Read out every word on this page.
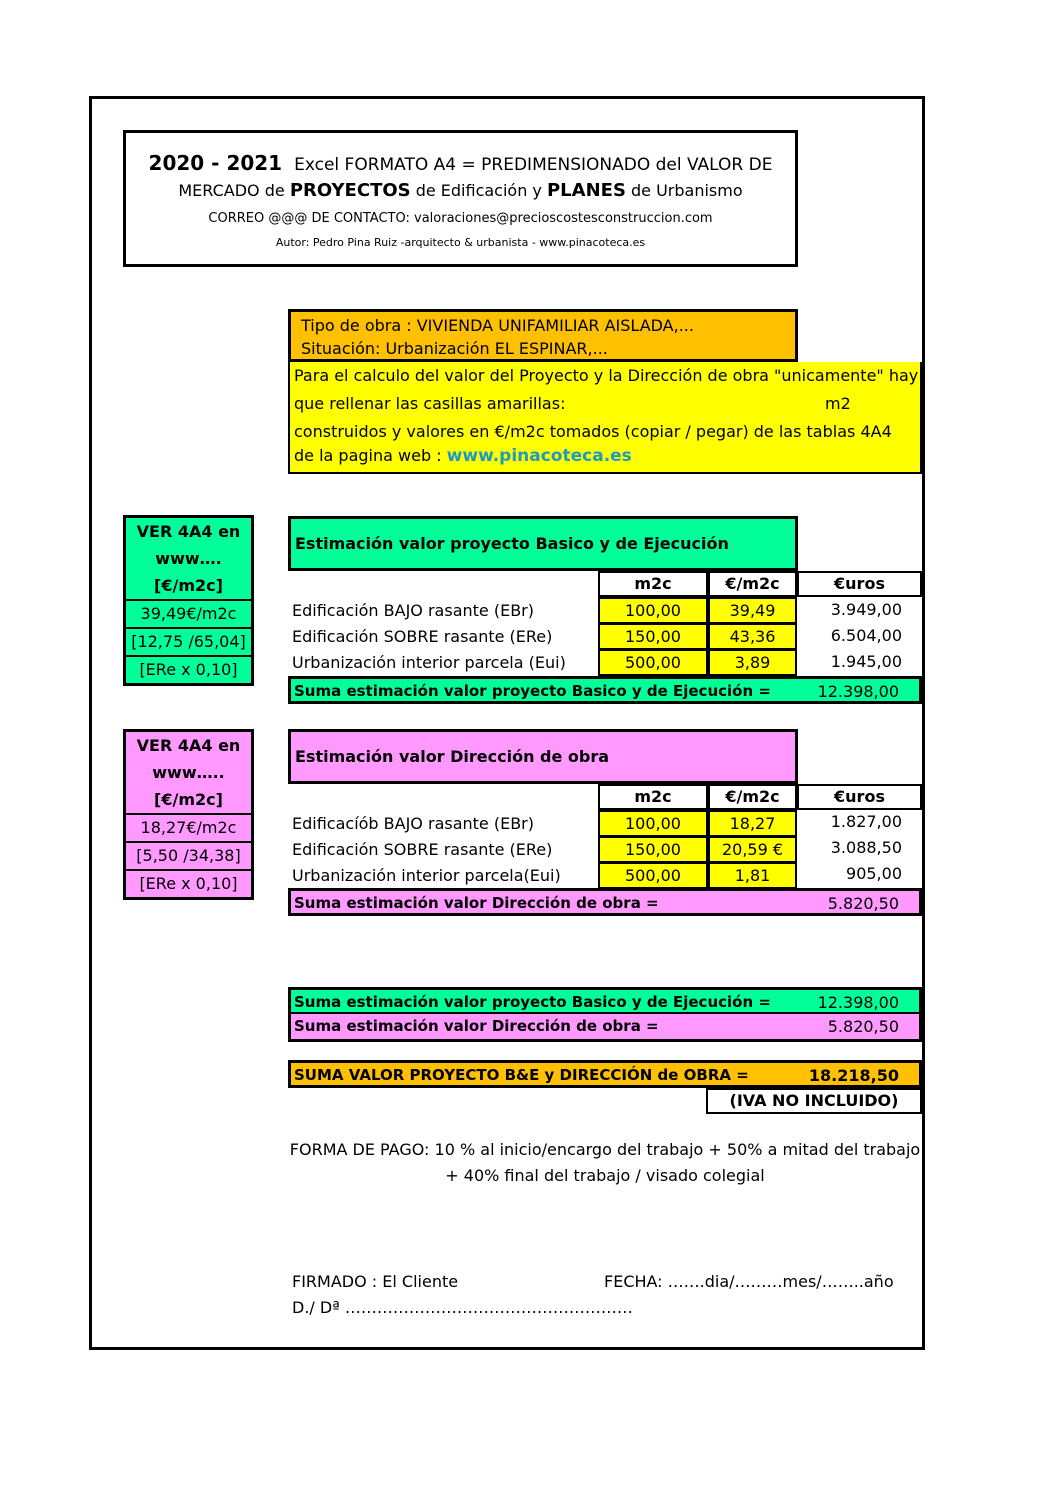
2020 - 2021 Excel FORMATO A4 = PREDIMENSIONADO del VALOR DE
MERCADO de PROYECTOS de Edificación y PLANES de Urbanismo
CORREO @@@ DE CONTACTO: valoraciones@precioscostesconstruccion.com
Autor: Pedro Pina Ruiz -arquitecto & urbanista - www.pinacoteca.es
Tipo de obra : VIVIENDA UNIFAMILIAR AISLADA,...
Situación: Urbanización EL ESPINAR,...
Para el calculo del valor del Proyecto y la Dirección de obra "unicamente" hay
que rellenar las casillas amarillas:	m2
construidos y valores en €/m2c tomados (copiar / pegar) de las tablas 4A4
de la pagina web : www.pinacoteca.es
VER 4A4 en
www….
[€/m2c]
39,49€/m2c
[12,75 /65,04]
[ERe x 0,10]
Estimación valor proyecto Basico y de Ejecución
m2c	€/m2c	€uros
Edificación BAJO rasante (EBr)	100,00	39,49	3.949,00
Edificación SOBRE rasante (ERe)	150,00	43,36	6.504,00
Urbanización interior parcela (Eui)	500,00	3,89	1.945,00
Suma estimación valor proyecto Basico y de Ejecución =	12.398,00
VER 4A4 en
www…..
[€/m2c]
18,27€/m2c
[5,50 /34,38]
[ERe x 0,10]
Estimación valor Dirección de obra
m2c	€/m2c	€uros
Edificacíób BAJO rasante (EBr)	100,00	18,27	1.827,00
Edificación SOBRE rasante (ERe)	150,00	20,59 €	3.088,50
Urbanización interior parcela(Eui)	500,00	1,81	905,00
Suma estimación valor Dirección de obra =	5.820,50
Suma estimación valor proyecto Basico y de Ejecución =	12.398,00
Suma estimación valor Dirección de obra =	5.820,50
SUMA VALOR PROYECTO B&E y DIRECCIÓN de OBRA =	18.218,50
(IVA NO INCLUIDO)
FORMA DE PAGO: 10 % al inicio/encargo del trabajo + 50% a mitad del trabajo
+ 40% final del trabajo / visado colegial
FIRMADO : El Cliente	FECHA: …….dia/………mes/……..año
D./ Dª ………………………………………………
